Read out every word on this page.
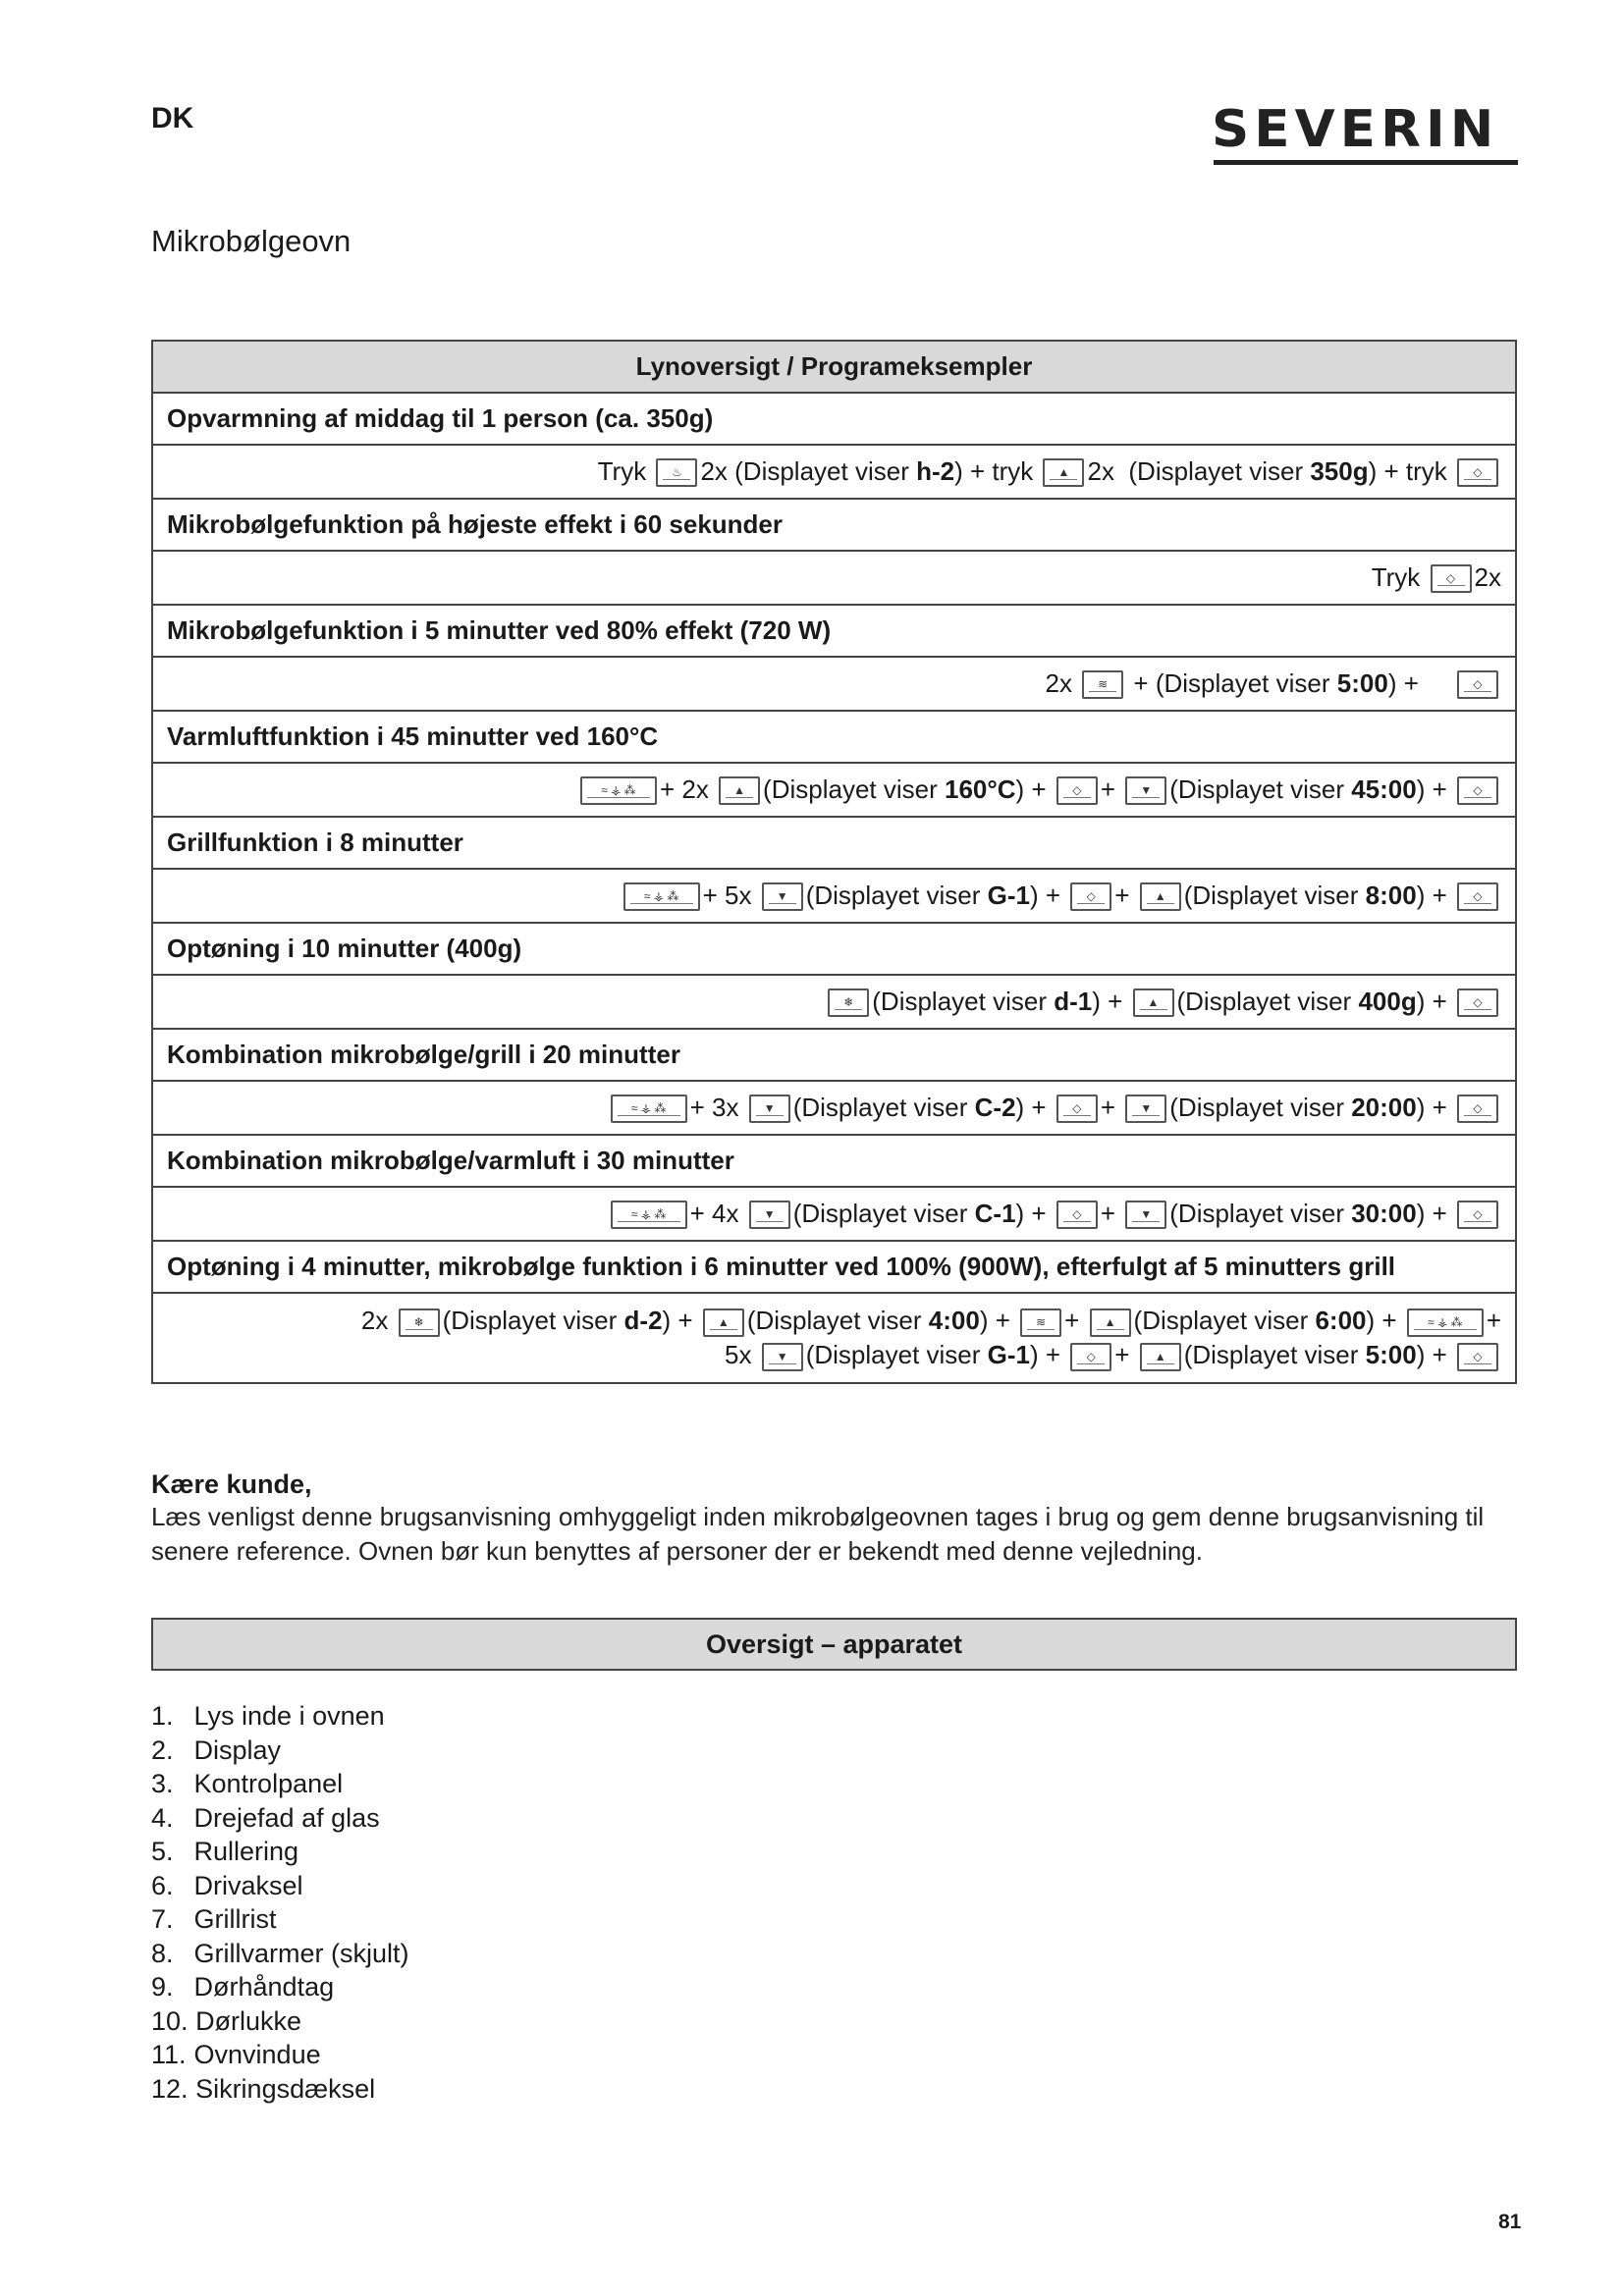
DK	SEVERIN
Mikrobølgeovn
Lynoversigt / Programeksempler
Opvarmning af middag til 1 person (ca. 350g)
Tryk ♨ 2x (Displayet viser h-2) + tryk ▲ 2x  (Displayet viser 350g) + tryk ◇
Mikrobølgefunktion på højeste effekt i 60 sekunder
Tryk ◇ 2x
Mikrobølgefunktion i 5 minutter ved 80% effekt (720 W)
2x ≋ + (Displayet viser 5:00) +     ◇
Varmluftfunktion i 45 minutter ved 160°C
≈ ⚶ ⁂ + 2x ▲ (Displayet viser 160°C) + ◇ + ▼ (Displayet viser 45:00) + ◇
Grillfunktion i 8 minutter
≈ ⚶ ⁂ + 5x ▼ (Displayet viser G-1) + ◇ + ▲ (Displayet viser 8:00) + ◇
Optøning i 10 minutter (400g)
❄ (Displayet viser d-1) + ▲ (Displayet viser 400g) + ◇
Kombination mikrobølge/grill i 20 minutter
≈ ⚶ ⁂ + 3x ▼ (Displayet viser C-2) + ◇ + ▼ (Displayet viser 20:00) + ◇
Kombination mikrobølge/varmluft i 30 minutter
≈ ⚶ ⁂ + 4x ▼ (Displayet viser C-1) + ◇ + ▼ (Displayet viser 30:00) + ◇
Optøning i 4 minutter, mikrobølge funktion i 6 minutter ved 100% (900W), efterfulgt af 5 minutters grill
2x ❄ (Displayet viser d-2) + ▲ (Displayet viser 4:00) + ≋ + ▲ (Displayet viser 6:00) + ≈ ⚶ ⁂ +
5x ▼ (Displayet viser G-1) + ◇ + ▲ (Displayet viser 5:00) + ◇
Kære kunde,

Læs venligst denne brugsanvisning omhyggeligt inden mikrobølgeovnen tages i brug og gem denne brugsanvisning til senere reference. Ovnen bør kun benyttes af personer der er bekendt med denne vejledning.

Oversigt – apparatet
1. Lys inde i ovnen
2. Display
3. Kontrolpanel
4. Drejefad af glas
5. Rullering
6. Drivaksel
7. Grillrist
8. Grillvarmer (skjult)
9. Dørhåndtag
10. Dørlukke
11. Ovnvindue
12. Sikringsdæksel
81
